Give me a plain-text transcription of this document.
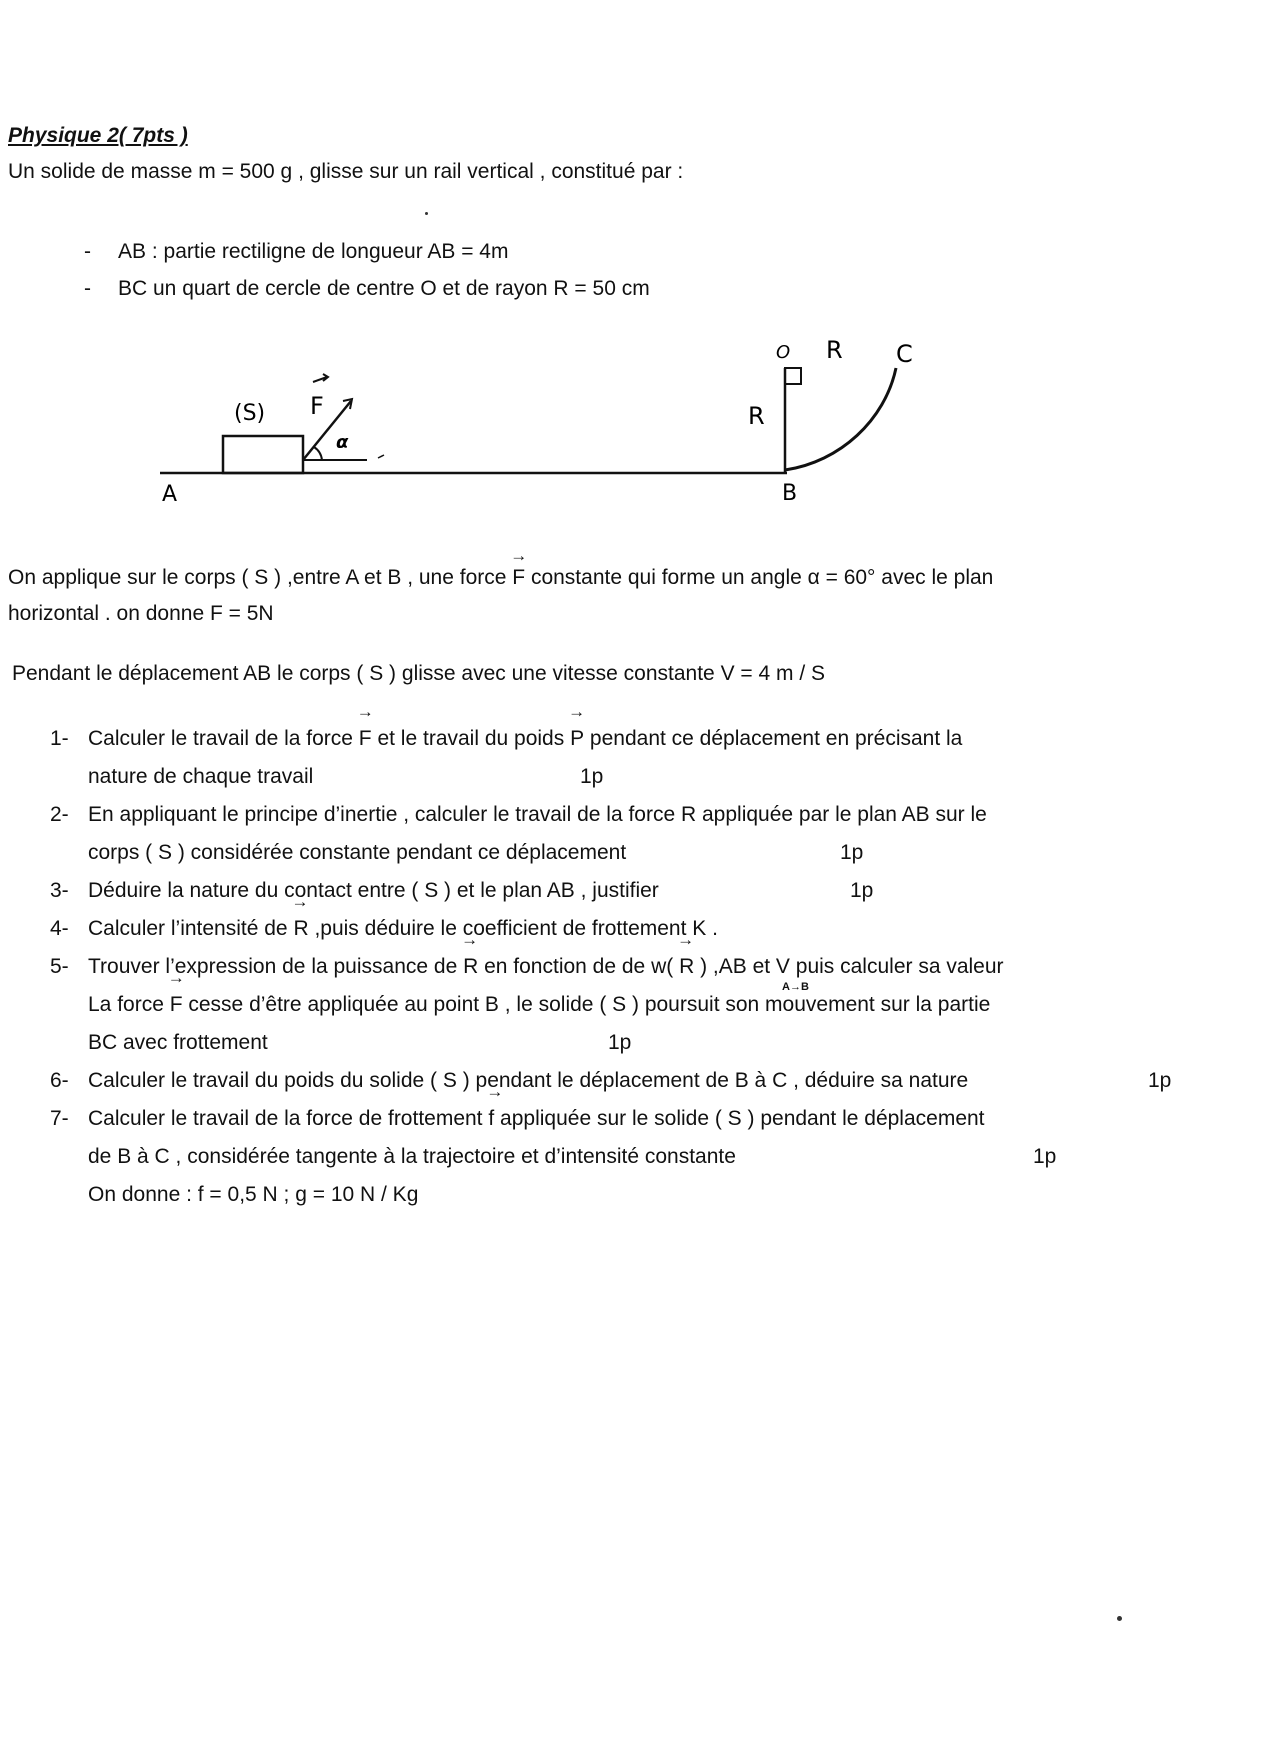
Physique 2( 7pts )
Un solide de masse m = 500 g , glisse sur un rail vertical , constitué par :
- AB : partie rectiligne de longueur AB = 4m
- BC un quart de cercle de centre O et de rayon R = 50 cm
A	B
C
O R
R
(S) F
α
On applique sur le corps ( S ) ,entre A et B , une force → F constante qui forme un angle α = 60° avec le plan
horizontal . on donne F = 5N
Pendant le déplacement AB le corps ( S ) glisse avec une vitesse constante V = 4 m / S
1- Calculer le travail de la force → F et le travail du poids → P pendant ce déplacement en précisant la
nature de chaque travail	1p
2- En appliquant le principe d’inertie , calculer le travail de la force R appliquée par le plan AB sur le
corps ( S ) considérée constante pendant ce déplacement	1p
3- Déduire la nature du contact entre ( S ) et le plan AB , justifier	1p
4- Calculer l’intensité de → R ,puis déduire le coefficient de frottement K .
5- Trouver l’expression de la puissance de → R en fonction de de w( → R ) ,AB et V puis calculer sa valeur
A→B
La force → F cesse d’être appliquée au point B , le solide ( S ) poursuit son mouvement sur la partie
BC avec frottement	1p
6- Calculer le travail du poids du solide ( S ) pendant le déplacement de B à C , déduire sa nature	1p
7- Calculer le travail de la force de frottement → f appliquée sur le solide ( S ) pendant le déplacement
de B à C , considérée tangente à la trajectoire et d’intensité constante	1p
On donne : f = 0,5 N ; g = 10 N / Kg
